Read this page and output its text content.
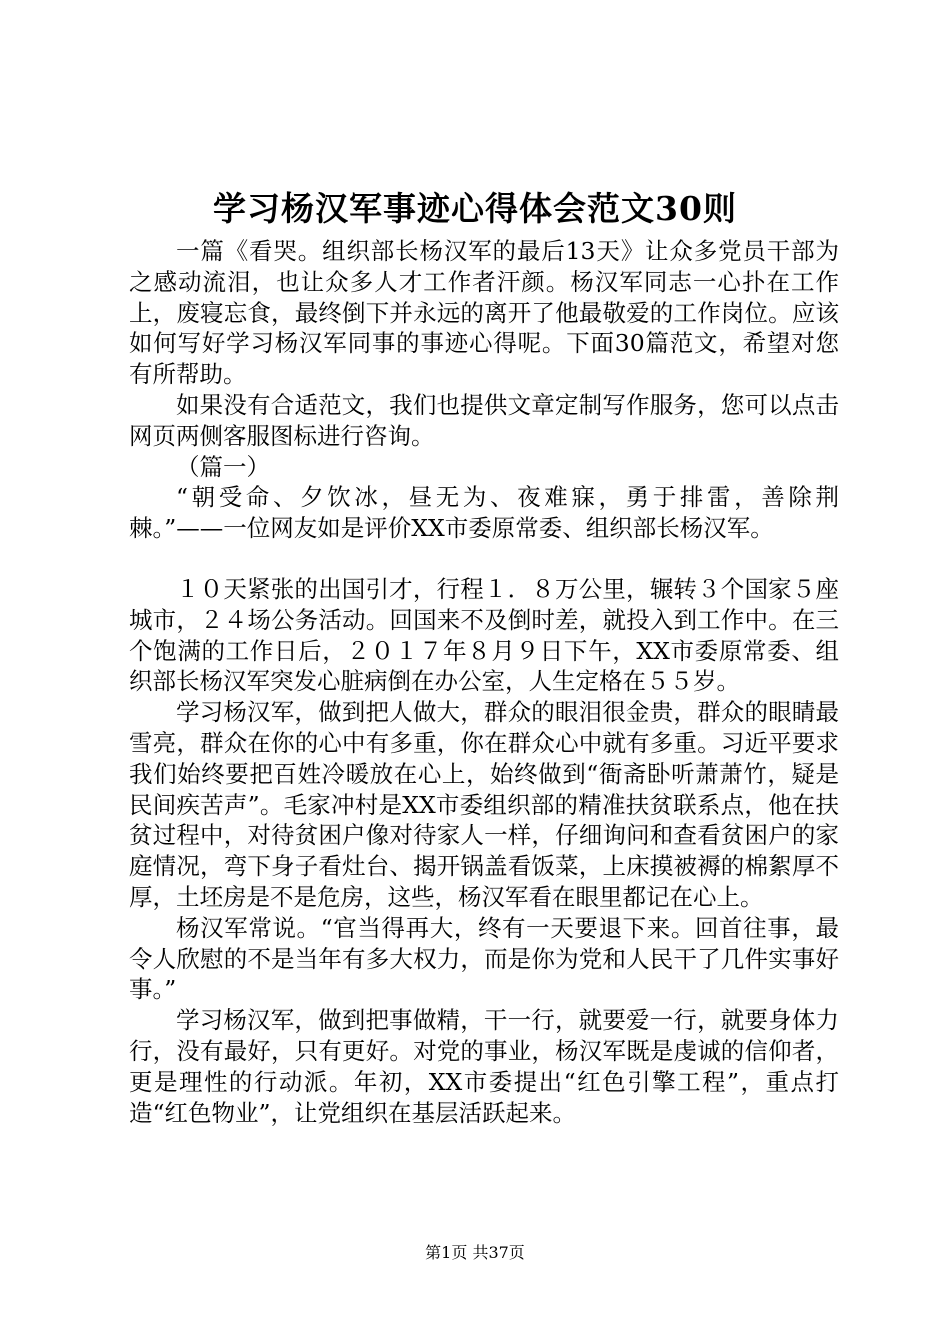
学习杨汉军事迹心得体会范文30则

一篇《看哭。组织部长杨汉军的最后13天》让众多党员干部为之感动流泪，也让众多人才工作者汗颜。杨汉军同志一心扑在工作上，废寝忘食，最终倒下并永远的离开了他最敬爱的工作岗位。应该如何写好学习杨汉军同事的事迹心得呢。下面30篇范文，希望对您有所帮助。

如果没有合适范文，我们也提供文章定制写作服务，您可以点击网页两侧客服图标进行咨询。

（篇一）

“朝受命、夕饮冰，昼无为、夜难寐，勇于排雷，善除荆棘。”——一位网友如是评价XX市委原常委、组织部长杨汉军。

１０天紧张的出国引才，行程１．８万公里，辗转３个国家５座城市，２４场公务活动。回国来不及倒时差，就投入到工作中。在三个饱满的工作日后，２０１７年８月９日下午，XX市委原常委、组织部长杨汉军突发心脏病倒在办公室，人生定格在５５岁。

学习杨汉军，做到把人做大，群众的眼泪很金贵，群众的眼睛最雪亮，群众在你的心中有多重，你在群众心中就有多重。习近平要求我们始终要把百姓冷暖放在心上，始终做到“衙斋卧听萧萧竹，疑是民间疾苦声”。毛家冲村是XX市委组织部的精准扶贫联系点，他在扶贫过程中，对待贫困户像对待家人一样，仔细询问和查看贫困户的家庭情况，弯下身子看灶台、揭开锅盖看饭菜，上床摸被褥的棉絮厚不厚，土坯房是不是危房，这些，杨汉军看在眼里都记在心上。

杨汉军常说。“官当得再大，终有一天要退下来。回首往事，最令人欣慰的不是当年有多大权力，而是你为党和人民干了几件实事好事。”

学习杨汉军，做到把事做精，干一行，就要爱一行，就要身体力行，没有最好，只有更好。对党的事业，杨汉军既是虔诚的信仰者，更是理性的行动派。年初，XX市委提出“红色引擎工程”，重点打造“红色物业”，让党组织在基层活跃起来。

第1页 共37页
